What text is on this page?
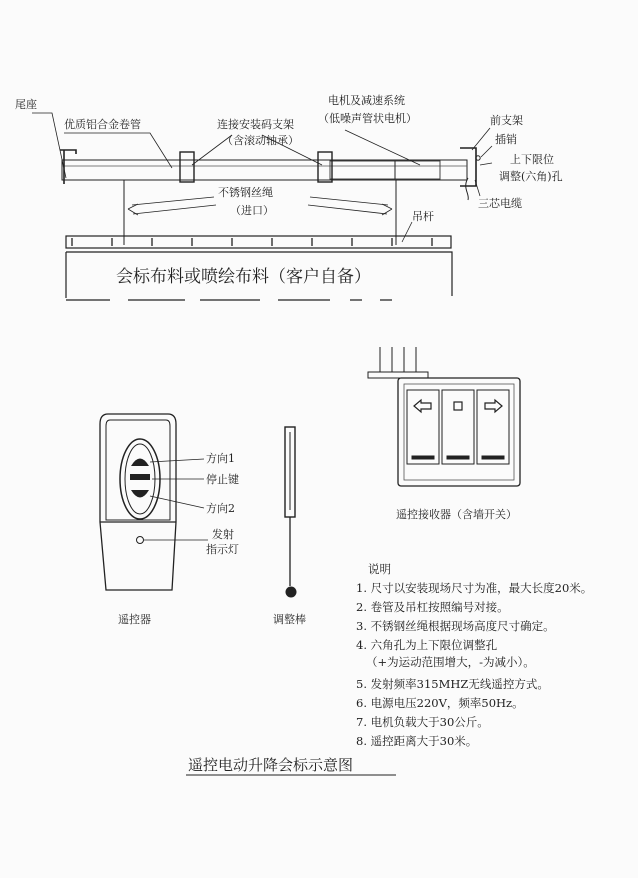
尾座
优质铝合金卷管	连接安装码支架
（含滚动轴承）
电机及减速系统
（低噪声管状电机）	前支架
插销
上下限位
调整(六角)孔
三芯电缆
不锈钢丝绳
（进口）	吊杆
会标布料或喷绘布料（客户自备）
方向1
停止键
方向2
发射
指示灯
遥控器	调整棒
遥控接收器（含墙开关）
说明
1. 尺寸以安装现场尺寸为准，最大长度20米。
2. 卷管及吊杠按照编号对接。
3. 不锈钢丝绳根据现场高度尺寸确定。
4. 六角孔为上下限位调整孔
（+为运动范围增大，-为减小）。
5. 发射频率315MHZ无线遥控方式。
6. 电源电压220V，频率50Hz。
7. 电机负载大于30公斤。
8. 遥控距离大于30米。
遥控电动升降会标示意图
